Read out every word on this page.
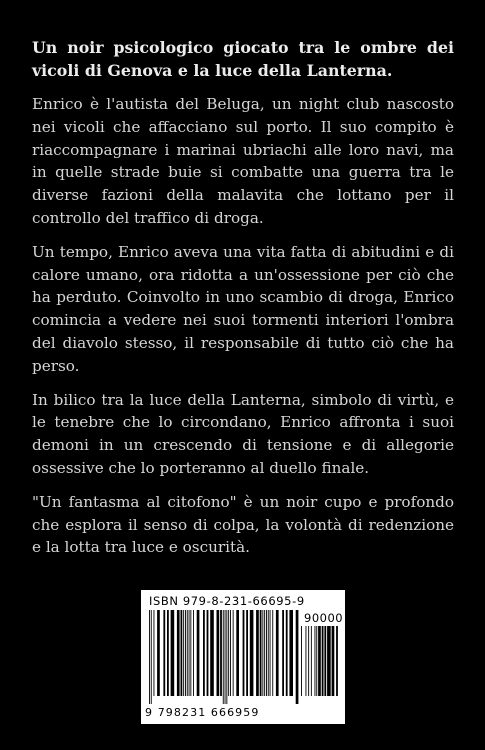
Un noir psicologico giocato tra le ombre dei vicoli di Genova e la luce della Lanterna.

Enrico è l'autista del Beluga, un night club nascosto nei vicoli che affacciano sul porto. Il suo compito è riaccompagnare i marinai ubriachi alle loro navi, ma in quelle strade buie si combatte una guerra tra le diverse fazioni della malavita che lottano per il controllo del traffico di droga.

Un tempo, Enrico aveva una vita fatta di abitudini e di calore umano, ora ridotta a un'ossessione per ciò che ha perduto. Coinvolto in uno scambio di droga, Enrico comincia a vedere nei suoi tormenti interiori l'ombra del diavolo stesso, il responsabile di tutto ciò che ha perso.

In bilico tra la luce della Lanterna, simbolo di virtù, e le tenebre che lo circondano, Enrico affronta i suoi demoni in un crescendo di tensione e di allegorie ossessive che lo porteranno al duello finale.

"Un fantasma al citofono" è un noir cupo e profondo che esplora il senso di colpa, la volontà di redenzione e la lotta tra luce e oscurità.

ISBN 979-8-231-66695-9
90000
9 798231 666959
